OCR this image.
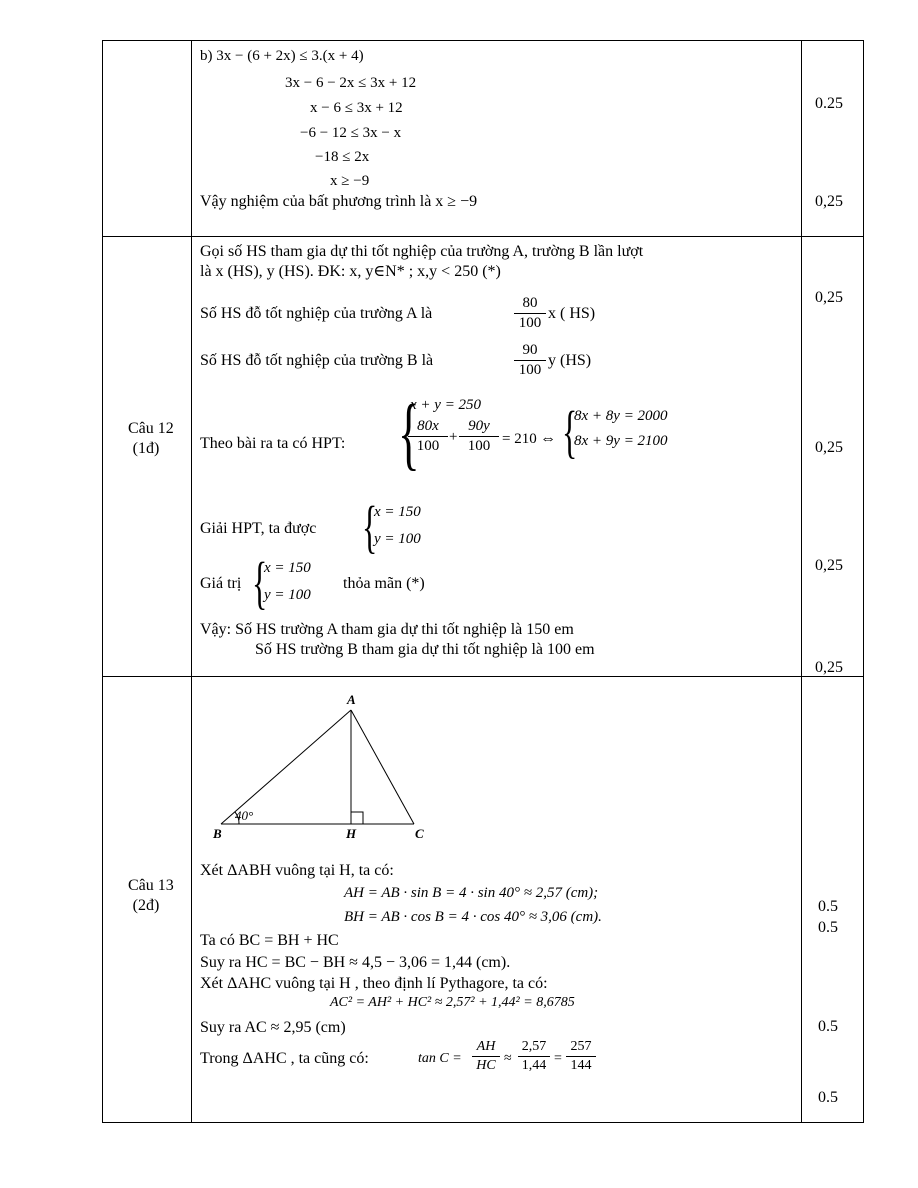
b) 3x − (6 + 2x) ≤ 3.(x + 4)
3x − 6 − 2x ≤ 3x + 12
x − 6 ≤ 3x + 12
−6 − 12 ≤ 3x − x
−18 ≤ 2x
x ≥ −9
Vậy nghiệm của bất phương trình là x ≥ −9
0.25
0,25
Câu 12
(1đ)
Gọi số HS tham gia dự thi tốt nghiệp của trường A, trường B lần lượt
là x (HS), y (HS). ĐK: x, y∈N* ; x,y < 250 (*)
Số HS đỗ tốt nghiệp của trường A là
80
100
x ( HS)
Số HS đỗ tốt nghiệp của trường B là
90
100
y (HS)
Theo bài ra ta có HPT: {
x + y = 250
80x
100
+
90y
100 = 210 ⇔ {
8x + 8y = 2000
8x + 9y = 2100
Giải HPT, ta được {
x = 150
y = 100
Giá trị {
x = 150
y = 100
thỏa mãn (*)
Vậy: Số HS trường A tham gia dự thi tốt nghiệp là 150 em
Số HS trường B tham gia dự thi tốt nghiệp là 100 em
0,25
0,25
0,25
0,25
Câu 13
(2đ)
A
B	C
H
40°
Xét ΔABH vuông tại H, ta có:
AH = AB · sin B = 4 · sin 40° ≈ 2,57 (cm);
BH = AB · cos B = 4 · cos 40° ≈ 3,06 (cm).
Ta có BC = BH + HC
Suy ra HC = BC − BH ≈ 4,5 − 3,06 = 1,44 (cm).
Xét ΔAHC vuông tại H , theo định lí Pythagore, ta có:
AC² = AH² + HC² ≈ 2,57² + 1,44² = 8,6785
Suy ra AC ≈ 2,95 (cm)
Trong ΔAHC , ta cũng có:	tan C =
AH
HC ≈
2,57
1,44 =
257
144
0.5
0.5
0.5
0.5
